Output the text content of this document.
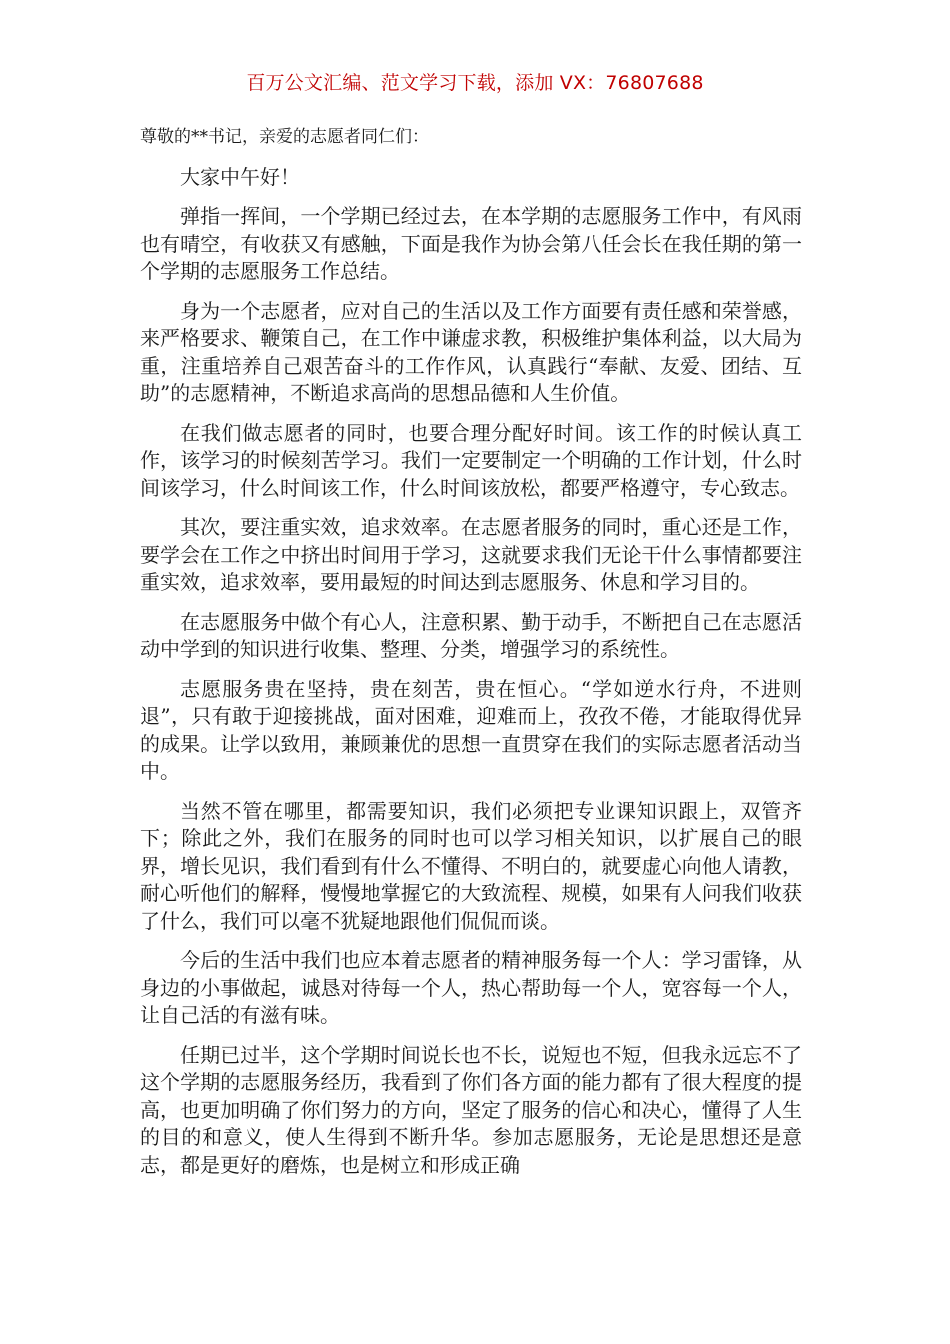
百万公文汇编、范文学习下载，添加 VX：76807688

尊敬的**书记，亲爱的志愿者同仁们：

大家中午好！

弹指一挥间，一个学期已经过去，在本学期的志愿服务工作中，有风雨也有晴空，有收获又有感触，下面是我作为协会第八任会长在我任期的第一个学期的志愿服务工作总结。

身为一个志愿者，应对自己的生活以及工作方面要有责任感和荣誉感，来严格要求、鞭策自己，在工作中谦虚求教，积极维护集体利益，以大局为重，注重培养自己艰苦奋斗的工作作风，认真践行“奉献、友爱、团结、互助”的志愿精神，不断追求高尚的思想品德和人生价值。

在我们做志愿者的同时，也要合理分配好时间。该工作的时候认真工作，该学习的时候刻苦学习。我们一定要制定一个明确的工作计划，什么时间该学习，什么时间该工作，什么时间该放松，都要严格遵守，专心致志。

其次，要注重实效，追求效率。在志愿者服务的同时，重心还是工作，要学会在工作之中挤出时间用于学习，这就要求我们无论干什么事情都要注重实效，追求效率，要用最短的时间达到志愿服务、休息和学习目的。

在志愿服务中做个有心人，注意积累、勤于动手，不断把自己在志愿活动中学到的知识进行收集、整理、分类，增强学习的系统性。

志愿服务贵在坚持，贵在刻苦，贵在恒心。“学如逆水行舟，不进则退”，只有敢于迎接挑战，面对困难，迎难而上，孜孜不倦，才能取得优异的成果。让学以致用，兼顾兼优的思想一直贯穿在我们的实际志愿者活动当中。

当然不管在哪里，都需要知识，我们必须把专业课知识跟上，双管齐下；除此之外，我们在服务的同时也可以学习相关知识，以扩展自己的眼界，增长见识，我们看到有什么不懂得、不明白的，就要虚心向他人请教，耐心听他们的解释，慢慢地掌握它的大致流程、规模，如果有人问我们收获了什么，我们可以毫不犹疑地跟他们侃侃而谈。

今后的生活中我们也应本着志愿者的精神服务每一个人：学习雷锋，从身边的小事做起，诚恳对待每一个人，热心帮助每一个人，宽容每一个人，让自己活的有滋有味。

任期已过半，这个学期时间说长也不长，说短也不短，但我永远忘不了这个学期的志愿服务经历，我看到了你们各方面的能力都有了很大程度的提高，也更加明确了你们努力的方向，坚定了服务的信心和决心，懂得了人生的目的和意义，使人生得到不断升华。参加志愿服务，无论是思想还是意志，都是更好的磨炼，也是树立和形成正确
